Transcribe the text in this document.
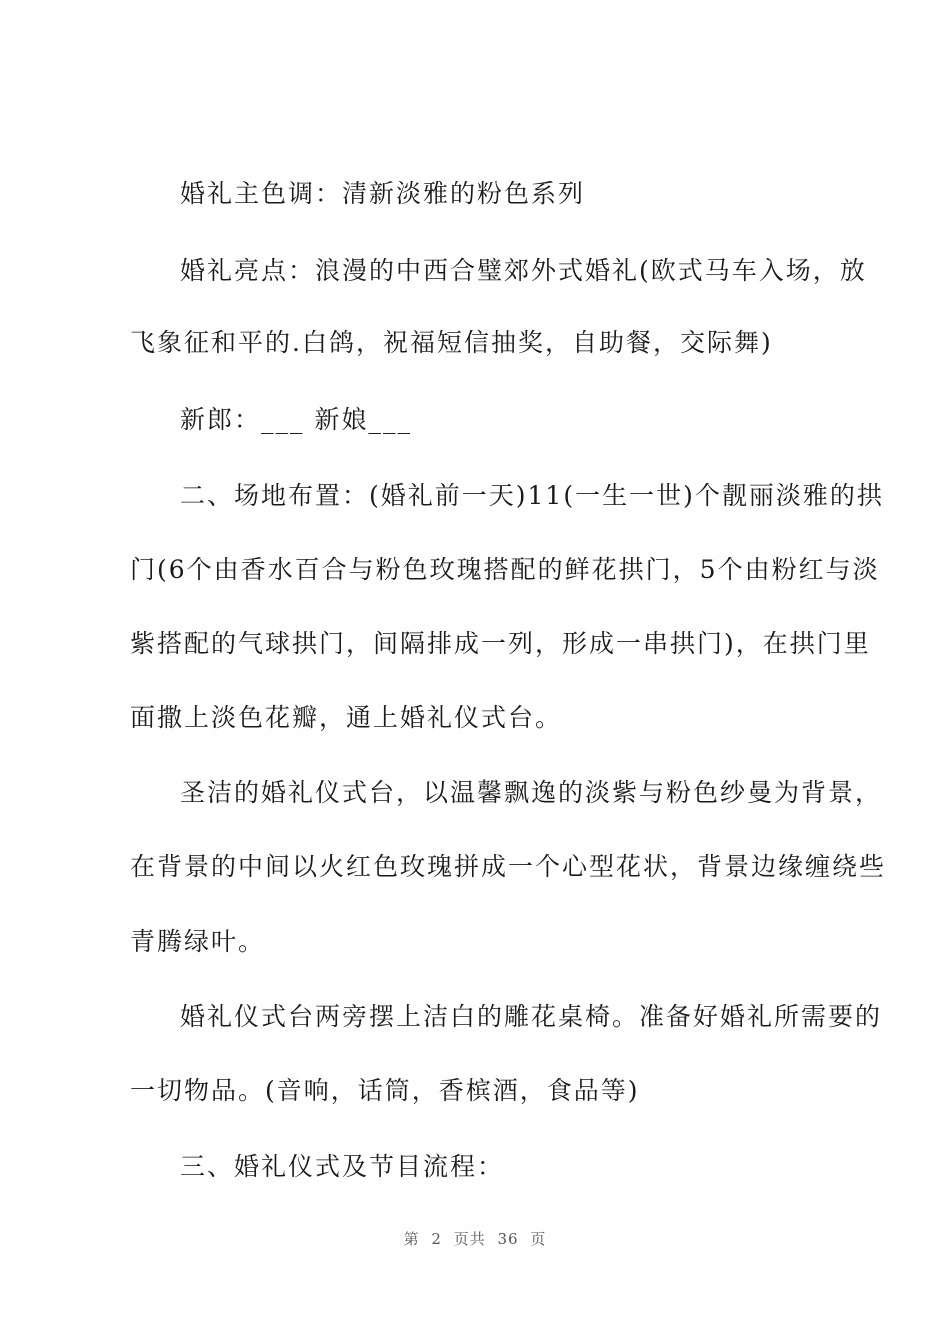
婚礼主色调：清新淡雅的粉色系列
婚礼亮点：浪漫的中西合璧郊外式婚礼(欧式马车入场，放
飞象征和平的.白鸽，祝福短信抽奖，自助餐，交际舞)
新郎：___ 新娘___
二、场地布置：(婚礼前一天)11(一生一世)个靓丽淡雅的拱
门(6个由香水百合与粉色玫瑰搭配的鲜花拱门，5个由粉红与淡
紫搭配的气球拱门，间隔排成一列，形成一串拱门)，在拱门里
面撒上淡色花瓣，通上婚礼仪式台。
圣洁的婚礼仪式台，以温馨飘逸的淡紫与粉色纱曼为背景，
在背景的中间以火红色玫瑰拼成一个心型花状，背景边缘缠绕些
青腾绿叶。
婚礼仪式台两旁摆上洁白的雕花桌椅。准备好婚礼所需要的
一切物品。(音响，话筒，香槟酒，食品等)
三、婚礼仪式及节目流程：
第 2 页共 36 页
